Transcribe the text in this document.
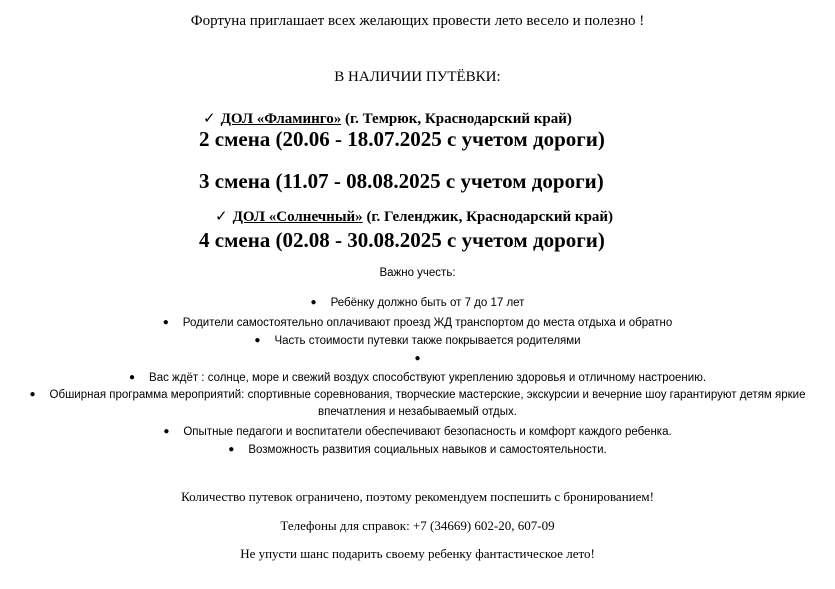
Фортуна приглашает всех желающих провести лето весело и полезно !
В НАЛИЧИИ ПУТЁВКИ:
✓ ДОЛ «Фламинго» (г. Темрюк, Краснодарский край)
2 смена (20.06 - 18.07.2025 с учетом дороги)
3 смена (11.07 - 08.08.2025 с учетом дороги)
✓ ДОЛ «Солнечный» (г. Геленджик, Краснодарский край)
4 смена (02.08 - 30.08.2025 с учетом дороги)
Важно учесть:
● Ребёнку должно быть от 7 до 17 лет
● Родители самостоятельно оплачивают проезд ЖД транспортом до места отдыха и обратно
● Часть стоимости путевки также покрывается родителями
●
● Вас ждёт : солнце, море и свежий воздух способствуют укреплению здоровья и отличному настроению.
● Обширная программа мероприятий: спортивные соревнования, творческие мастерские, экскурсии и вечерние шоу гарантируют детям яркие впечатления и незабываемый отдых.
● Опытные педагоги и воспитатели обеспечивают безопасность и комфорт каждого ребенка.
● Возможность развития социальных навыков и самостоятельности.
Количество путевок ограничено, поэтому рекомендуем поспешить с бронированием!
Телефоны для справок: +7 (34669) 602-20, 607-09
Не упусти шанс подарить своему ребенку фантастическое лето!
